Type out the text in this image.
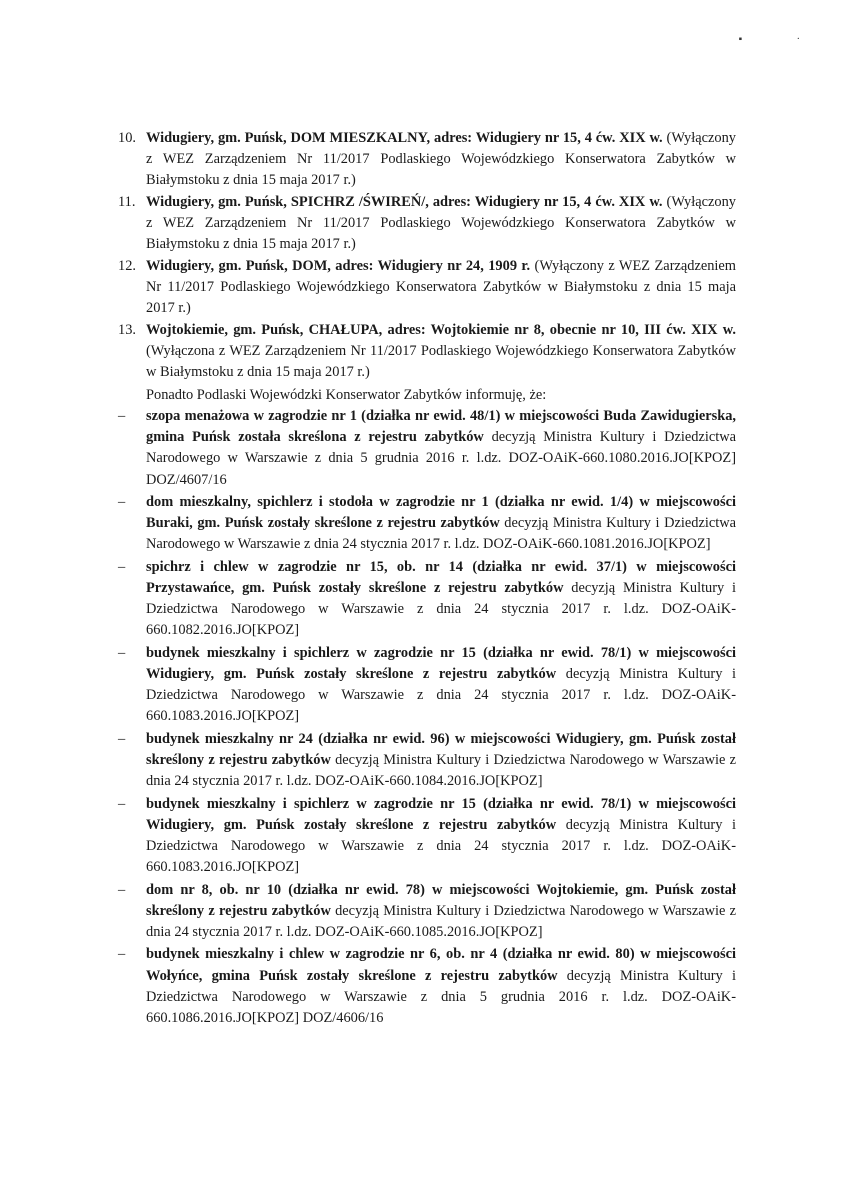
▪ ·
10. Widugiery, gm. Puńsk, DOM MIESZKALNY, adres: Widugiery nr 15, 4 ćw. XIX w. (Wyłączony z WEZ Zarządzeniem Nr 11/2017 Podlaskiego Wojewódzkiego Konserwatora Zabytków w Białymstoku z dnia 15 maja 2017 r.)
11. Widugiery, gm. Puńsk, SPICHRZ /ŚWIREŃ/, adres: Widugiery nr 15, 4 ćw. XIX w. (Wyłączony z WEZ Zarządzeniem Nr 11/2017 Podlaskiego Wojewódzkiego Konserwatora Zabytków w Białymstoku z dnia 15 maja 2017 r.)
12. Widugiery, gm. Puńsk, DOM, adres: Widugiery nr 24, 1909 r. (Wyłączony z WEZ Zarządzeniem Nr 11/2017 Podlaskiego Wojewódzkiego Konserwatora Zabytków w Białymstoku z dnia 15 maja 2017 r.)
13. Wojtokiemie, gm. Puńsk, CHAŁUPA, adres: Wojtokiemie nr 8, obecnie nr 10, III ćw. XIX w. (Wyłączona z WEZ Zarządzeniem Nr 11/2017 Podlaskiego Wojewódzkiego Konserwatora Zabytków w Białymstoku z dnia 15 maja 2017 r.)
Ponadto Podlaski Wojewódzki Konserwator Zabytków informuję, że:
–	szopa menażowa w zagrodzie nr 1 (działka nr ewid. 48/1) w miejscowości Buda Zawidugierska, gmina Puńsk została skreślona z rejestru zabytków decyzją Ministra Kultury i Dziedzictwa Narodowego w Warszawie z dnia 5 grudnia 2016 r. l.dz. DOZ-OAiK-660.1080.2016.JO[KPOZ] DOZ/4607/16
–	dom mieszkalny, spichlerz i stodoła w zagrodzie nr 1 (działka nr ewid. 1/4) w miejscowości Buraki, gm. Puńsk zostały skreślone z rejestru zabytków decyzją Ministra Kultury i Dziedzictwa Narodowego w Warszawie z dnia 24 stycznia 2017 r. l.dz. DOZ-OAiK-660.1081.2016.JO[KPOZ]
–	spichrz i chlew w zagrodzie nr 15, ob. nr 14 (działka nr ewid. 37/1) w miejscowości Przystawańce, gm. Puńsk zostały skreślone z rejestru zabytków decyzją Ministra Kultury i Dziedzictwa Narodowego w Warszawie z dnia 24 stycznia 2017 r. l.dz. DOZ-OAiK-660.1082.2016.JO[KPOZ]
–	budynek mieszkalny i spichlerz w zagrodzie nr 15 (działka nr ewid. 78/1) w miejscowości Widugiery, gm. Puńsk zostały skreślone z rejestru zabytków decyzją Ministra Kultury i Dziedzictwa Narodowego w Warszawie z dnia 24 stycznia 2017 r. l.dz. DOZ-OAiK-660.1083.2016.JO[KPOZ]
–	budynek mieszkalny nr 24 (działka nr ewid. 96) w miejscowości Widugiery, gm. Puńsk został skreślony z rejestru zabytków decyzją Ministra Kultury i Dziedzictwa Narodowego w Warszawie z dnia 24 stycznia 2017 r. l.dz. DOZ-OAiK-660.1084.2016.JO[KPOZ]
–	budynek mieszkalny i spichlerz w zagrodzie nr 15 (działka nr ewid. 78/1) w miejscowości Widugiery, gm. Puńsk zostały skreślone z rejestru zabytków decyzją Ministra Kultury i Dziedzictwa Narodowego w Warszawie z dnia 24 stycznia 2017 r. l.dz. DOZ-OAiK-660.1083.2016.JO[KPOZ]
–	dom nr 8, ob. nr 10 (działka nr ewid. 78) w miejscowości Wojtokiemie, gm. Puńsk został skreślony z rejestru zabytków decyzją Ministra Kultury i Dziedzictwa Narodowego w Warszawie z dnia 24 stycznia 2017 r. l.dz. DOZ-OAiK-660.1085.2016.JO[KPOZ]
–	budynek mieszkalny i chlew w zagrodzie nr 6, ob. nr 4 (działka nr ewid. 80) w miejscowości Wołyńce, gmina Puńsk zostały skreślone z rejestru zabytków decyzją Ministra Kultury i Dziedzictwa Narodowego w Warszawie z dnia 5 grudnia 2016 r. l.dz. DOZ-OAiK-660.1086.2016.JO[KPOZ] DOZ/4606/16
